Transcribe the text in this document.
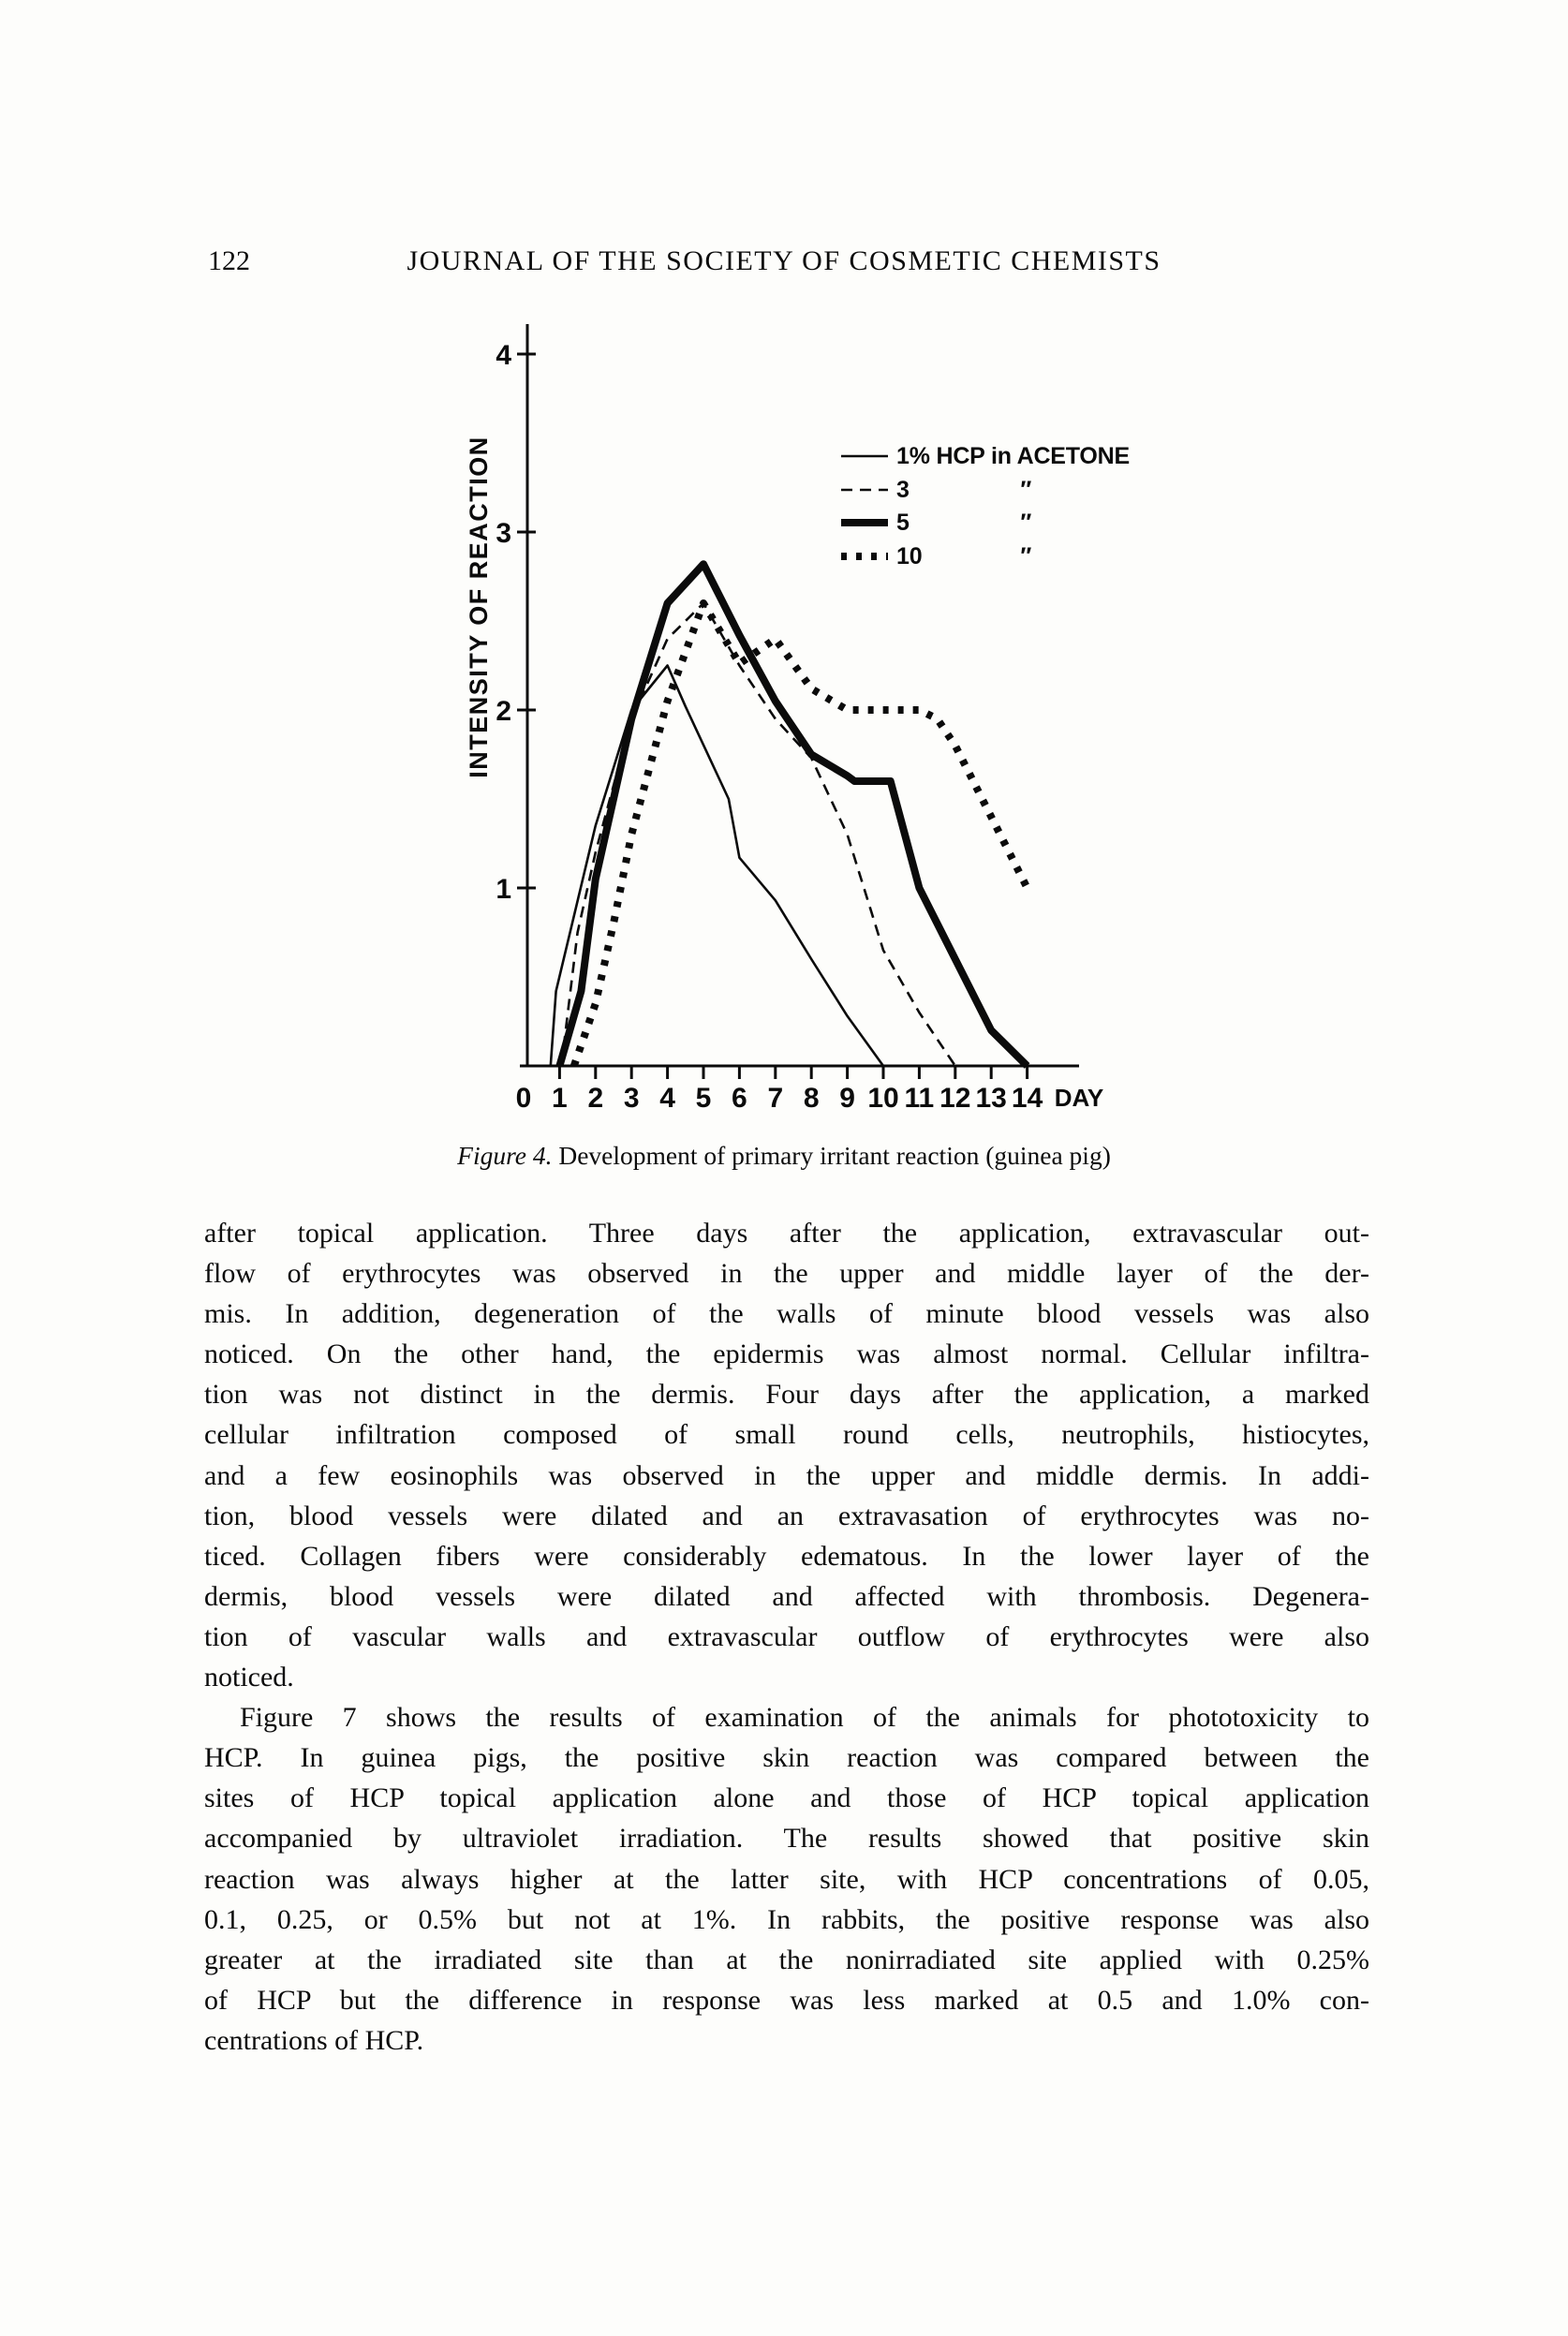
122	JOURNAL OF THE SOCIETY OF COSMETIC CHEMISTS
1
2
3
4
0 1 2 3 4 5 6 7 8 9 10 11 12 13 14 DAY
INTENSITY OF REACTION	1% HCP in ACETONE
3	″
5	″
10	″
Figure 4. Development of primary irritant reaction (guinea pig)
after topical application. Three days after the application, extravascular out-
flow of erythrocytes was observed in the upper and middle layer of the der-
mis. In addition, degeneration of the walls of minute blood vessels was also
noticed. On the other hand, the epidermis was almost normal. Cellular infiltra-
tion was not distinct in the dermis. Four days after the application, a marked
cellular infiltration composed of small round cells, neutrophils, histiocytes,
and a few eosinophils was observed in the upper and middle dermis. In addi-
tion, blood vessels were dilated and an extravasation of erythrocytes was no-
ticed. Collagen fibers were considerably edematous. In the lower layer of the
dermis, blood vessels were dilated and affected with thrombosis. Degenera-
tion of vascular walls and extravascular outflow of erythrocytes were also
noticed.
Figure 7 shows the results of examination of the animals for phototoxicity to
HCP. In guinea pigs, the positive skin reaction was compared between the
sites of HCP topical application alone and those of HCP topical application
accompanied by ultraviolet irradiation. The results showed that positive skin
reaction was always higher at the latter site, with HCP concentrations of 0.05,
0.1, 0.25, or 0.5% but not at 1%. In rabbits, the positive response was also
greater at the irradiated site than at the nonirradiated site applied with 0.25%
of HCP but the difference in response was less marked at 0.5 and 1.0% con-
centrations of HCP.
